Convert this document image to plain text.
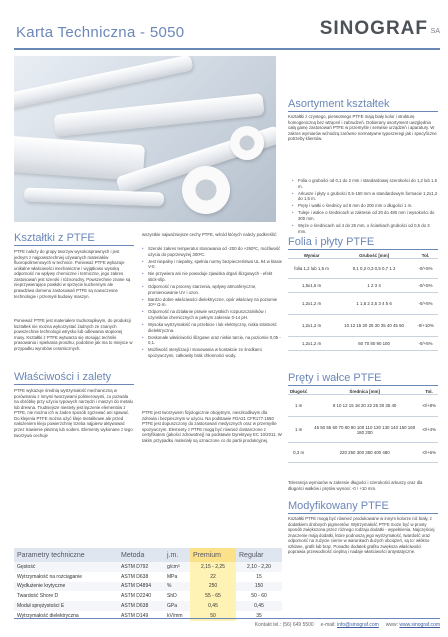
Karta Techniczna - 5050	SINOGRAF SA
Asortyment kształtek
Kształtki z czystego, pierwotnego PTFE mają biały kolor i strukturę homogeniczną bez wtrąceń i zabrudzeń. Dobierany asortyment uwzględnia całą gamę zastosowań PTFE w przemyśle i serwisie urządzeń i aparatury. W zakres wymiarów wchodzą zarówno normatywne typoszeregi jak i specyficzne potrzeby klientów.
• Folia o grubości od 0,1 do 2 mm i standardowej szerokości do 1,2 lub 1,5 m.
• Arkusze i płyty o grubości 0,5-150 mm w standardowym formacie 1,2x1,2 do 1,5 m.
• Pręty i wałki o średnicy od 8 mm do 200 mm o długości 1 m.
• Tuleje i wałce o średnicach w zakresie od 20 do 480 mm i wysokości do 300 mm.
• Węże o średnicach od 4 do 25 mm, o ściankach grubości od 0,5 do 3 mm.
Kształtki z PTFE
PTFE należy do grupy tworzyw wysokosprawnych i jest jednym z najpowszechniej używanych materiałów fluoropolimerowych w technice. Ponieważ PTFE wykazuje unikalne właściwości mechaniczne i wyjątkowo wysoką odporność na wpływy chemiczne i termiczne, jego zakres zastosowań jest szeroki i różnorodny. Powszechnie znane są nieprzywierające powłoki w sprzęcie kuchennym ale prawdziwa domena zastosowań PTFE są nowoczesne technologie i przemysł budowy maszyn.
Ponieważ PTFE jest materiałem trudnotopliwym, do produkcji kształtek nie można wykorzystać żadnych ze znanych powszechnie technologii wtrysku lub odlewania stopionej masy. Kształtki z PTFE wytwarza się stosując techniki prasowania i spiekania proszku, podobnie jak ma to miejsce w przypadku wyrobów ceramicznych.
Właściwości i zalety
PTFE wykazuje średnią wytrzymałość mechaniczną w porównaniu z innymi tworzywami polimerowymi, co pozwala na obróbkę przy użyciu typowych narzędzi i maszyn do metalu lub drewna. Trudniejsze niestety jest łączenie elementów z PTFE, nie można ich w żaden sposób zgrzewać ani spawać. Do klejenia PTFE można użyć kleje metalikowe ale przed nałożeniem kleju powierzchnię trzeba najpierw aktywować przez trawienie płazmą lub sodem. Elementy wykonane z tego tworzywa cechuje
wszystkie najważniejsze cechy PTFE, wśród których należy podkreślić:
• Szeroki zakres temperatur stosowania od -200 do +260ºC, możliwość użycia do poprzewyżej 300ºC.
• Jest niepalny i niepalny, spełnia normy bezpieczeństwa UL 94 w klasie V-0.
• Nie przywiera ani nie powoduje zjawiska drgań ślizgowych - efekt stick-slip.
• Odporność na procesy starzenia, wpływy atmosferyczne, promieniowanie UV i ozon.
• Bardzo dobre właściwości dielektryczne, opór właściwy na poziomie 10¹⁸ Ω·m.
• Odporność na działanie prawie wszystkich rozpuszczalników i czynników chemicznych w pełnym zakresie 0-14 pH.
• Wysoka wytrzymałość na przebicie i luk elektryczny, niska stratność dielektryczna.
• Doskonałe właściwości ślizgowe oraz niskie tarcie, na poziomie 0,05 - 0,1.
• Możliwość sterylizacji i stosowania w kontakcie ze środkami spożywczymi, całkowity brak chłonności wody.
PTFE jest tworzywem fizjologicznie obojętnym, nieszkodliwym dla zdrowia i bezpiecznym w użyciu. Na podstawie FDA21 CFR177.1550 PTFE jest dopuszczony do zastosowań medycznych oraz w przemyśle spożywczym. Elementy z PTFE mogą być również dostarczone z certyfikatem (jakości zdrowotnej) na podstawie Dyrektywy EC 10/2011. W takim przypadku materiały są oznaczone co do partii produkcyjnej.
Folia i płyty PTFE
Wymiar	Grubość [mm]	Tol.
folia 1,2 lub 1,5 m	0,1 0,2 0,3 0,5 0,7 1 2	-0/+5%
1,5x1,5 m	1 2 3 4	-0/+5%
1,2x1,2 m	1 1,5 2 2,5 3 4 5 6	-0/+5%
1,2x1,2 m	10 12 15 20 25 30 35 40 45 50	-0/+10%
1,2x1,2 m	60 70 80 90 100	-0/+5%
Pręty i wałce PTFE
Długość	Średnica [mm]	Tol.
1 m	8 10 12 15 18 20 22 25 30 35 40	-0/+8%
1 m	45 50 55 60 70 80 90 100 110 120 130 140 150 160 180 200	-0/+4%
0,3 m	220 250 300 350 400 480	-0/+6%
Tolerancja wymiarów w zakresie długości i szerokości arkuszy oraz dla długości wałków i prętów wynosi: -0 / +10 mm.
Modyfikowany PTFE
Kształtki PTFE mogą być również produkowane w innym kolorze niż biały, z dodatkiem drobnych pigmentów. Wytrzymałość PTFE może być w prosty sposób zwiększona przez różnego rodzaju dodatki - wypełnienia. Najczęściej znaczenie mają dodatki, które podnoszą jego wytrzymałość, twardość oraz odporność na zużycie cierne w warunkach dużych obciążeń, są to: włókno szklane, grafit lub brąz. Ponadto dodatek grafitu zwiększa właściwości poprawia przewodność cieplną i nadaje właściwości antystatyczne.
Parametry techniczne	Metoda	j.m.	Premium	Regular
Gęstość	ASTM D792	g/cm³	2,15 - 2,25	2,10 - 2,20
Wytrzymałość na rozciąganie	ASTM D638	MPa	22	15
Wydłużenie krytyczne	ASTM D4894	%	250	150
Twardość Shore D	ASTM D2240	ShD	55 - 65	50 - 60
Moduł sprężystości E	ASTM D638	GPa	0,45	0,45
Wytrzymałość dielektryczna	ASTM D149	kV/mm	50	35
Kontakt tel.: (56) 649 5500 e-mail: info@sinograf.com www: www.sinograf.com
